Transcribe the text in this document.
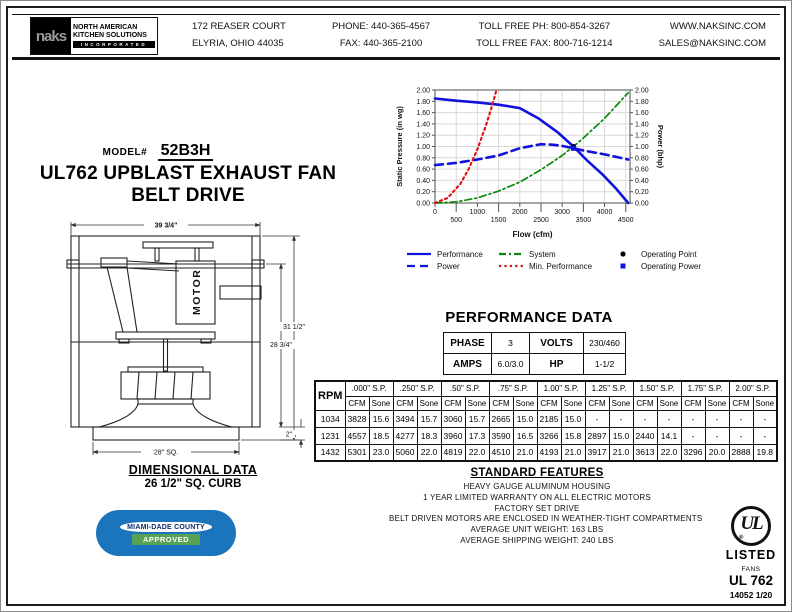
naks
NORTH AMERICAN
KITCHEN SOLUTIONS
INCORPORATED
172 REASER COURT
ELYRIA, OHIO 44035
PHONE: 440-365-4567
FAX: 440-365-2100
TOLL FREE PH: 800-854-3267
TOLL FREE FAX: 800-716-1214
WWW.NAKSINC.COM
SALES@NAKSINC.COM
MODEL# 52B3H
UL762 UPBLAST EXHAUST FAN
BELT DRIVE	0.00	0.00
0.20	0.20
0.40	0.40
0.60	0.60
0.80	0.80
1.00	1.00
1.20	1.20
1.40	1.40
1.60	1.60
1.80	1.80
2.00	2.00
0
500
1000
1500
2000
2500
3000
3500
4000
4500
Static Pressure (in wg)	Power (bhp)
Flow (cfm)
Performance	System	Operating Point
Power	Min. Performance	Operating Power
MOTOR
39 3/4"
31 1/2"
28 3/4"
2"
28" SQ.
DIMENSIONAL DATA
26 1/2" SQ. CURB
MIAMI-DADE COUNTY
APPROVED
PERFORMANCE DATA
PHASE	3	VOLTS	230/460
AMPS	6.0/3.0	HP	1-1/2
RPM	.000" S.P.		.250" S.P.		.50" S.P.		.75" S.P.		1.00" S.P.		1.25" S.P.		1.50" S.P.		1.75" S.P.		2.00" S.P.	
	CFM	Sone	CFM	Sone	CFM	Sone	CFM	Sone	CFM	Sone	CFM	Sone	CFM	Sone	CFM	Sone	CFM	Sone
1034	3828	15.6	3494	15.7	3060	15.7	2665	15.0	2185	15.0	-	-	-	-	-	-	-	-
1231	4557	18.5	4277	18.3	3960	17.3	3590	16.5	3266	15.8	2897	15.0	2440	14.1	-	-	-	-
1432	5301	23.0	5060	22.0	4819	22.0	4510	21.0	4193	21.0	3917	21.0	3613	22.0	3296	20.0	2888	19.8
STANDARD FEATURES
HEAVY GAUGE ALUMINUM HOUSING
1 YEAR LIMITED WARRANTY ON ALL ELECTRIC MOTORS
FACTORY SET DRIVE
BELT DRIVEN MOTORS ARE ENCLOSED IN WEATHER-TIGHT COMPARTMENTS
AVERAGE UNIT WEIGHT: 163 LBS
AVERAGE SHIPPING WEIGHT: 240 LBS
UL
®
LISTED
FANS
UL 762
14052 1/20
